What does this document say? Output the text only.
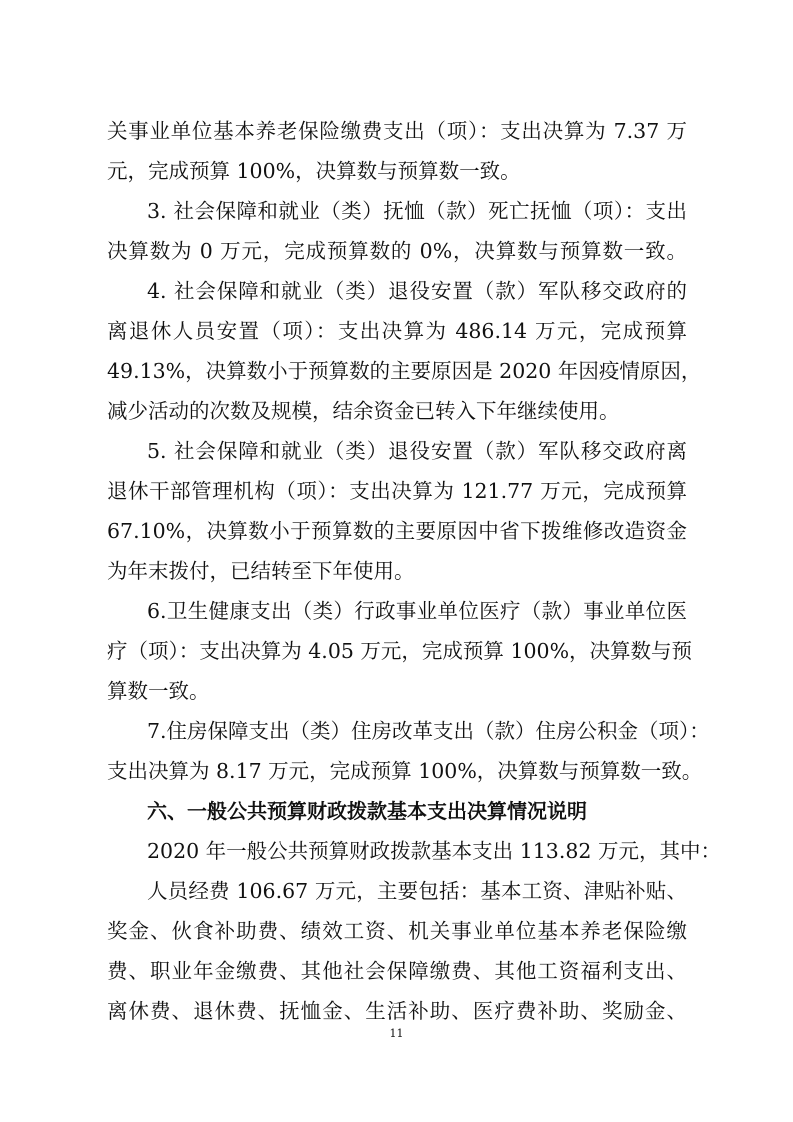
关事业单位基本养老保险缴费支出（项）：支出决算为 7.37 万
元，完成预算 100%，决算数与预算数一致。
3. 社会保障和就业（类）抚恤（款）死亡抚恤（项）：支出
决算数为 0 万元，完成预算数的 0%，决算数与预算数一致。
4. 社会保障和就业（类）退役安置（款）军队移交政府的
离退休人员安置（项）：支出决算为 486.14 万元，完成预算
49.13%，决算数小于预算数的主要原因是 2020 年因疫情原因，
减少活动的次数及规模，结余资金已转入下年继续使用。
5. 社会保障和就业（类）退役安置（款）军队移交政府离
退休干部管理机构（项）：支出决算为 121.77 万元，完成预算
67.10%，决算数小于预算数的主要原因中省下拨维修改造资金
为年末拨付，已结转至下年使用。
6.卫生健康支出（类）行政事业单位医疗（款）事业单位医
疗（项）：支出决算为 4.05 万元，完成预算 100%，决算数与预
算数一致。
7.住房保障支出（类）住房改革支出（款）住房公积金（项）：
支出决算为 8.17 万元，完成预算 100%，决算数与预算数一致。
六、一般公共预算财政拨款基本支出决算情况说明
2020 年一般公共预算财政拨款基本支出 113.82 万元，其中：
人员经费 106.67 万元，主要包括：基本工资、津贴补贴、
奖金、伙食补助费、绩效工资、机关事业单位基本养老保险缴
费、职业年金缴费、其他社会保障缴费、其他工资福利支出、
离休费、退休费、抚恤金、生活补助、医疗费补助、奖励金、
11
